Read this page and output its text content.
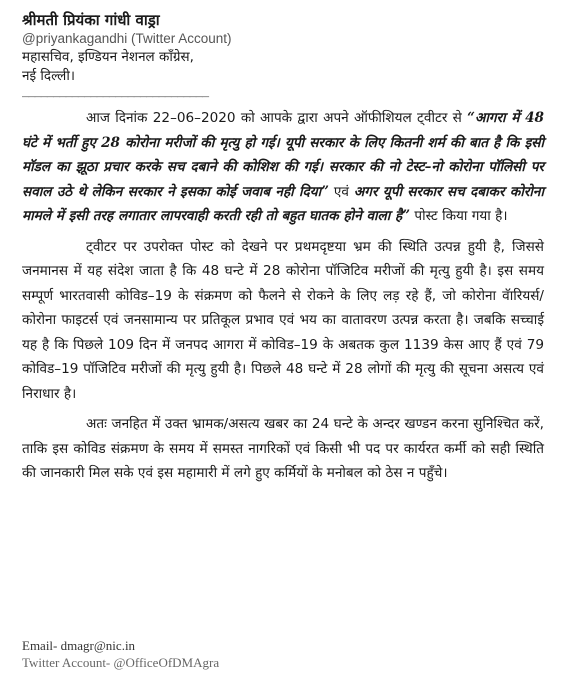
श्रीमती प्रियंका गांधी वाड्रा

@priyankagandhi (Twitter Account)

महासचिव, इण्डियन नेशनल कॉंग्रेस,

नई दिल्ली।

______________________________

आज दिनांक 22–06–2020 को आपके द्वारा अपने ऑफीशियल ट्वीटर से “आगरा में 48 घंटे में भर्ती हुए 28 कोरोना मरीजों की मृत्यु हो गई। यूपी सरकार के लिए कितनी शर्म की बात है कि इसी मॉडल का झूठा प्रचार करके सच दबाने की कोशिश की गई। सरकार की नो टेस्ट–नो कोरोना पॉलिसी पर सवाल उठे थे लेकिन सरकार ने इसका कोई जवाब नही दिया” एवं अगर यूपी सरकार सच दबाकर कोरोना मामले में इसी तरह लगातार लापरवाही करती रही तो बहुत घातक होने वाला है” पोस्ट किया गया है।

ट्वीटर पर उपरोक्त पोस्ट को देखने पर प्रथमदृष्टया भ्रम की स्थिति उत्पन्न हुयी है, जिससे जनमानस में यह संदेश जाता है कि 48 घन्टे में 28 कोरोना पॉजिटिव मरीजों की मृत्यु हुयी है। इस समय सम्पूर्ण भारतवासी कोविड–19 के संक्रमण को फैलने से रोकने के लिए लड़ रहे हैं, जो कोरोना वॅारियर्स/कोरोना फाइटर्स एवं जनसामान्य पर प्रतिकूल प्रभाव एवं भय का वातावरण उत्पन्न करता है। जबकि सच्चाई यह है कि पिछले 109 दिन में जनपद आगरा में कोविड–19 के अबतक कुल 1139 केस आए हैं एवं 79 कोविड–19 पॉजिटिव मरीजों की मृत्यु हुयी है। पिछले 48 घन्टे में 28 लोगों की मृत्यु की सूचना असत्य एवं निराधार है।

अतः जनहित में उक्त भ्रामक/असत्य खबर का 24 घन्टे के अन्दर खण्डन करना सुनिश्चित करें, ताकि इस कोविड संक्रमण के समय में समस्त नागरिकों एवं किसी भी पद पर कार्यरत कर्मी को सही स्थिति की जानकारी मिल सके एवं इस महामारी में लगे हुए कर्मियों के मनोबल को ठेस न पहुँचे।

Email- dmagr@nic.in
Twitter Account- @OfficeOfDMAgra
